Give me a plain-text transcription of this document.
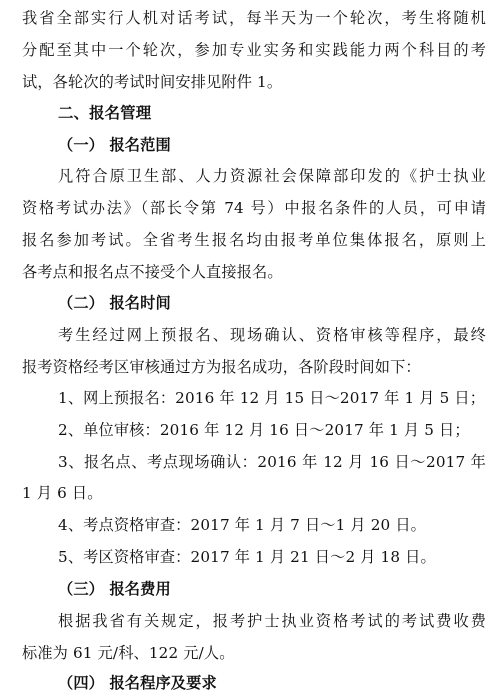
我省全部实行人机对话考试，每半天为一个轮次，考生将随机
分配至其中一个轮次，参加专业实务和实践能力两个科目的考
试，各轮次的考试时间安排见附件 1。
二、报名管理
（一） 报名范围
凡符合原卫生部、人力资源社会保障部印发的《护士执业
资格考试办法》（部长令第 74 号）中报名条件的人员，可申请
报名参加考试。全省考生报名均由报考单位集体报名，原则上
各考点和报名点不接受个人直接报名。
（二） 报名时间
考生经过网上预报名、现场确认、资格审核等程序，最终
报考资格经考区审核通过方为报名成功，各阶段时间如下：
1、网上预报名：2016 年 12 月 15 日～2017 年 1 月 5 日；
2、单位审核：2016 年 12 月 16 日～2017 年 1 月 5 日；
3、报名点、考点现场确认：2016 年 12 月 16 日～2017 年
1 月 6 日。
4、考点资格审查：2017 年 1 月 7 日～1 月 20 日。
5、考区资格审查：2017 年 1 月 21 日～2 月 18 日。
（三） 报名费用
根据我省有关规定，报考护士执业资格考试的考试费收费
标准为 61 元/科、122 元/人。
（四） 报名程序及要求
